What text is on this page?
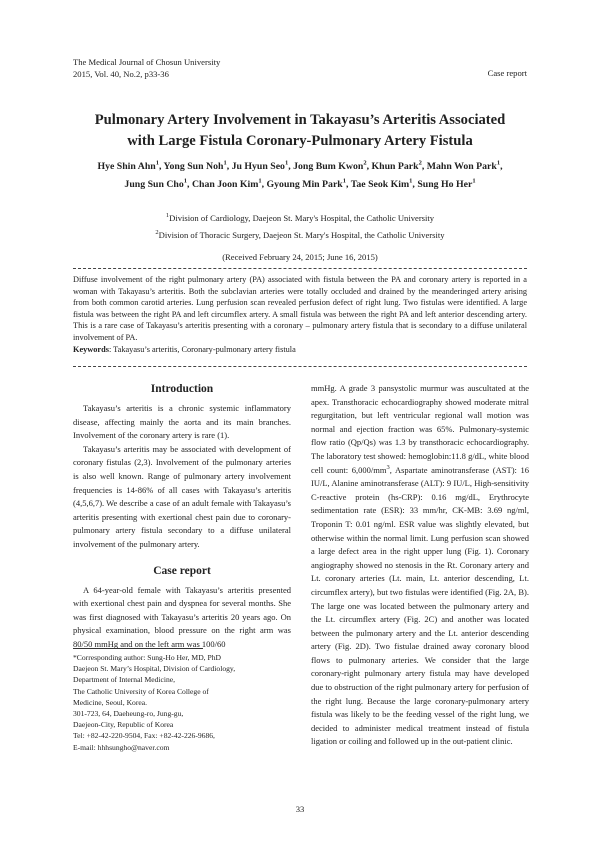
The Medical Journal of Chosun University
2015, Vol. 40, No.2, p33-36	Case report
Pulmonary Artery Involvement in Takayasu’s Arteritis Associated
with Large Fistula Coronary-Pulmonary Artery Fistula
Hye Shin Ahn$^1$, Yong Sun Noh$^1$, Ju Hyun Seo$^1$, Jong Bum Kwon$^2$, Khun Park$^2$, Mahn Won Park$^1$,
Jung Sun Cho$^1$, Chan Joon Kim$^1$, Gyoung Min Park$^1$, Tae Seok Kim$^1$, Sung Ho Her$^1$
$^1$Division of Cardiology, Daejeon St. Mary's Hospital, the Catholic University
$^2$Division of Thoracic Surgery, Daejeon St. Mary's Hospital, the Catholic University
(Received February 24, 2015; June 16, 2015)
Diffuse involvement of the right pulmonary artery (PA) associated with fistula between the PA and coronary artery is reported in a woman with Takayasu’s arteritis. Both the subclavian arteries were totally occluded and drained by the meanderinged artery arising from both common carotid arteries. Lung perfusion scan revealed perfusion defect of right lung. Two fistulas were identified. A large fistula was between the right PA and left circumflex artery. A small fistula was between the right PA and left anterior descending artery. This is a rare case of Takayasu’s arteritis presenting with a coronary – pulmonary artery fistula that is secondary to a diffuse unilateral involvement of PA.
Keywords: Takayasu’s arteritis, Coronary-pulmonary artery fistula
Introduction

Takayasu’s arteritis is a chronic systemic inflammatory disease, affecting mainly the aorta and its main branches. Involvement of the coronary artery is rare (1).

Takayasu’s arteritis may be associated with development of coronary fistulas (2,3). Involvement of the pulmonary arteries is also well known. Range of pulmonary artery involvement frequencies is 14-86% of all cases with Takayasu’s arteritis (4,5,6,7). We describe a case of an adult female with Takayasu’s arteritis presenting with exertional chest pain due to coronary-pulmonary artery fistula secondary to a diffuse unilateral involvement of the pulmonary artery.

Case report

A 64-year-old female with Takayasu’s arteritis presented with exertional chest pain and dyspnea for several months. She was first diagnosed with Takayasu’s arteritis 20 years ago. On physical examination, blood pressure on the right arm was 80/50 mmHg and on the left arm was 100/60

mmHg. A grade 3 pansystolic murmur was auscultated at the apex. Transthoracic echocardiography showed moderate mitral regurgitation, but left ventricular regional wall motion was normal and ejection fraction was 65%. Pulmonary-systemic flow ratio (Qp/Qs) was 1.3 by transthoracic echocardiography. The laboratory test showed: hemoglobin:11.8 g/dL, white blood cell count: $6,000/mm^3$, Aspartate aminotransferase (AST): 16 IU/L, Alanine aminotransferase (ALT): 9 IU/L, High-sensitivity C-reactive protein (hs-CRP): 0.16 mg/dL, Erythrocyte sedimentation rate (ESR): 33 mm/hr, CK-MB: 3.69 ng/ml, Troponin T: 0.01 ng/ml. ESR value was slightly elevated, but otherwise within the normal limit. Lung perfusion scan showed a large defect area in the right upper lung (Fig. 1). Coronary angiography showed no stenosis in the Rt. Coronary artery and Lt. coronary arteries (Lt. main, Lt. anterior descending, Lt. circumflex artery), but two fistulas were identified (Fig. 2A, B). The large one was located between the pulmonary artery and the Lt. circumflex artery (Fig. 2C) and another was located between the pulmonary artery and the Lt. anterior descending artery (Fig. 2D). Two fistulae drained away coronary blood flows to pulmonary arteries. We consider that the large coronary-right pulmonary artery fistula may have developed due to obstruction of the right pulmonary artery for perfusion of the right lung. Because the large coronary-pulmonary artery fistula was likely to be the feeding vessel of the right lung, we decided to administer medical treatment instead of fistula ligation or coiling and followed up in the out-patient clinic.

*Corresponding author: Sung-Ho Her, MD, PhD
Daejeon St. Mary’s Hospital, Division of Cardiology,
Department of Internal Medicine,
The Catholic University of Korea College of
Medicine, Seoul, Korea.
301-723, 64, Daeheung-ro, Jung-gu,
Daejeon-City, Republic of Korea
Tel: +82-42-220-9504, Fax: +82-42-226-9686,
E-mail: hhhsungho@naver.com
33
